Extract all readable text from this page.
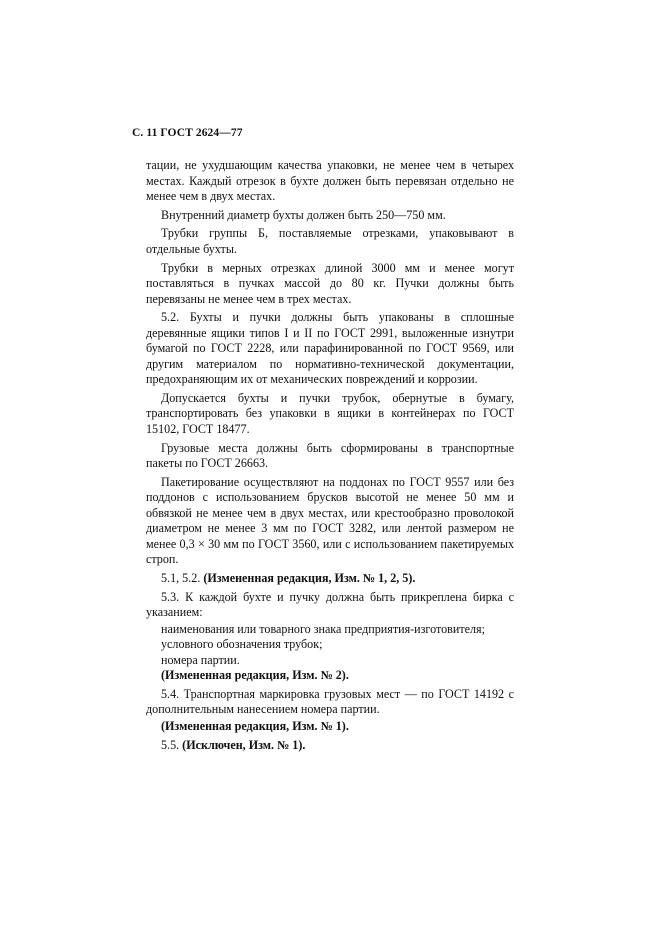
С. 11 ГОСТ 2624—77

тации, не ухудшающим качества упаковки, не менее чем в четырех местах. Каждый отрезок в бухте должен быть перевязан отдельно не менее чем в двух местах.

Внутренний диаметр бухты должен быть 250—750 мм.

Трубки группы Б, поставляемые отрезками, упаковывают в отдельные бухты.

Трубки в мерных отрезках длиной 3000 мм и менее могут поставляться в пучках массой до 80 кг. Пучки должны быть перевязаны не менее чем в трех местах.

5.2. Бухты и пучки должны быть упакованы в сплошные деревянные ящики типов I и II по ГОСТ 2991, выложенные изнутри бумагой по ГОСТ 2228, или парафинированной по ГОСТ 9569, или другим материалом по нормативно-технической документации, предохраняющим их от механических повреждений и коррозии.

Допускается бухты и пучки трубок, обернутые в бумагу, транспортировать без упаковки в ящики в контейнерах по ГОСТ 15102, ГОСТ 18477.

Грузовые места должны быть сформированы в транспортные пакеты по ГОСТ 26663.

Пакетирование осуществляют на поддонах по ГОСТ 9557 или без поддонов с использованием брусков высотой не менее 50 мм и обвязкой не менее чем в двух местах, или крестообразно проволокой диаметром не менее 3 мм по ГОСТ 3282, или лентой размером не менее 0,3 × 30 мм по ГОСТ 3560, или с использованием пакетируемых строп.

5.1, 5.2. (Измененная редакция, Изм. № 1, 2, 5).

5.3. К каждой бухте и пучку должна быть прикреплена бирка с указанием:

наименования или товарного знака предприятия-изготовителя;

условного обозначения трубок;

номера партии.

(Измененная редакция, Изм. № 2).

5.4. Транспортная маркировка грузовых мест — по ГОСТ 14192 с дополнительным нанесением номера партии.

(Измененная редакция, Изм. № 1).

5.5. (Исключен, Изм. № 1).
